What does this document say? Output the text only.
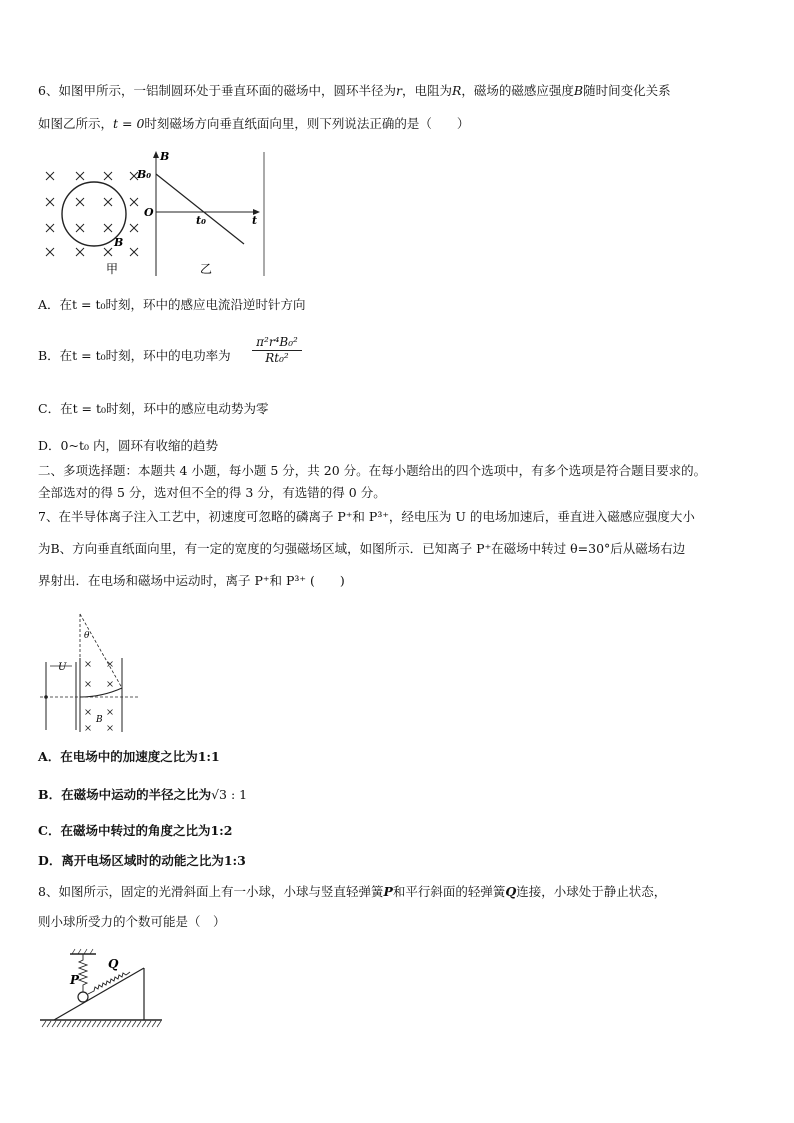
6、如图甲所示，一铝制圆环处于垂直环面的磁场中，圆环半径为r，电阻为R，磁场的磁感应强度B随时间变化关系
如图乙所示，t = 0时刻磁场方向垂直纸面向里，则下列说法正确的是（　　）
B
甲
B
B₀
O
t₀	t
乙
A．在t = t₀时刻，环中的感应电流沿逆时针方向
B．在t = t₀时刻，环中的电功率为 $\frac{\text{π²r⁴B₀²}}{\text{Rt₀²}}$
C．在t = t₀时刻，环中的感应电动势为零
D．0~t₀ 内，圆环有收缩的趋势
二、多项选择题：本题共 4 小题，每小题 5 分，共 20 分。在每小题给出的四个选项中，有多个选项是符合题目要求的。
全部选对的得 5 分，选对但不全的得 3 分，有选错的得 0 分。
7、在半导体离子注入工艺中，初速度可忽略的磷离子 P⁺和 P³⁺，经电压为 U 的电场加速后，垂直进入磁感应强度大小
为B、方向垂直纸面向里，有一定的宽度的匀强磁场区域，如图所示．已知离子 P⁺在磁场中转过 θ=30°后从磁场右边
界射出．在电场和磁场中运动时，离子 P⁺和 P³⁺ (　　)
U
θ
B
A．在电场中的加速度之比为1:1
B．在磁场中运动的半径之比为√3 : 1
C．在磁场中转过的角度之比为1:2
D．离开电场区域时的动能之比为1:3
8、如图所示，固定的光滑斜面上有一小球，小球与竖直轻弹簧P和平行斜面的轻弹簧Q连接，小球处于静止状态，
则小球所受力的个数可能是（　）
P
Q
